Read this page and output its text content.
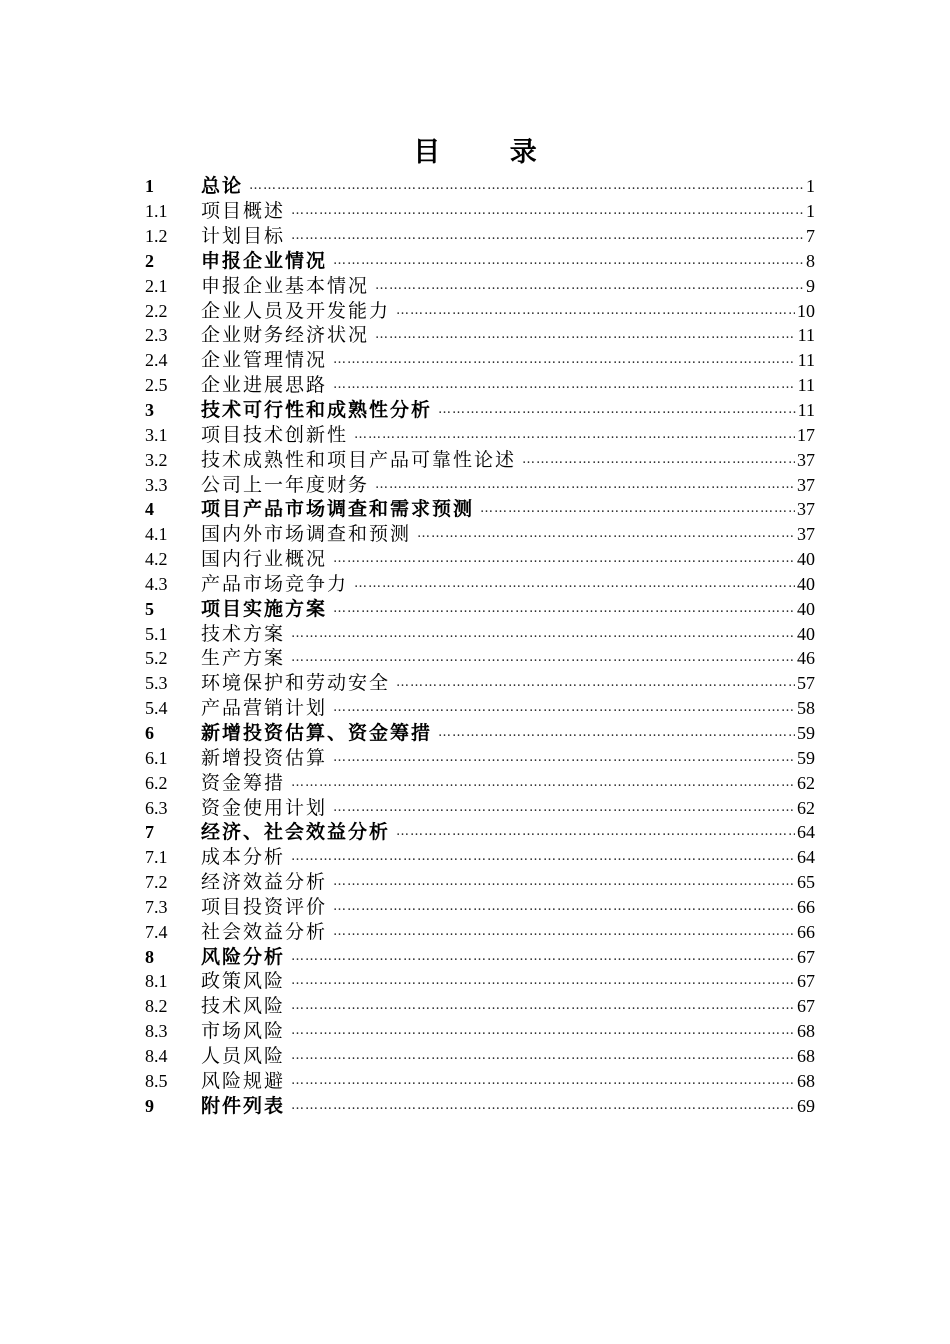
目 录
1	总论 ………………………………………………………………………………………………………………………………………………	1
1.1	项目概述 ………………………………………………………………………………………………………………………………………………	1
1.2	计划目标 ………………………………………………………………………………………………………………………………………………	7
2	申报企业情况 ………………………………………………………………………………………………………………………………………………	8
2.1	申报企业基本情况 ………………………………………………………………………………………………………………………………………………	9
2.2	企业人员及开发能力 ………………………………………………………………………………………………………………………………………………	10
2.3	企业财务经济状况 ………………………………………………………………………………………………………………………………………………	11
2.4	企业管理情况 ………………………………………………………………………………………………………………………………………………	11
2.5	企业进展思路 ………………………………………………………………………………………………………………………………………………	11
3	技术可行性和成熟性分析 ………………………………………………………………………………………………………………………………………………	11
3.1	项目技术创新性 ………………………………………………………………………………………………………………………………………………	17
3.2	技术成熟性和项目产品可靠性论述 ………………………………………………………………………………………………………………………………………………	37
3.3	公司上一年度财务 ………………………………………………………………………………………………………………………………………………	37
4	项目产品市场调查和需求预测 ………………………………………………………………………………………………………………………………………………	37
4.1	国内外市场调查和预测 ………………………………………………………………………………………………………………………………………………	37
4.2	国内行业概况 ………………………………………………………………………………………………………………………………………………	40
4.3	产品市场竞争力 ………………………………………………………………………………………………………………………………………………	40
5	项目实施方案 ………………………………………………………………………………………………………………………………………………	40
5.1	技术方案 ………………………………………………………………………………………………………………………………………………	40
5.2	生产方案 ………………………………………………………………………………………………………………………………………………	46
5.3	环境保护和劳动安全 ………………………………………………………………………………………………………………………………………………	57
5.4	产品营销计划 ………………………………………………………………………………………………………………………………………………	58
6	新增投资估算、资金筹措 ………………………………………………………………………………………………………………………………………………	59
6.1	新增投资估算 ………………………………………………………………………………………………………………………………………………	59
6.2	资金筹措 ………………………………………………………………………………………………………………………………………………	62
6.3	资金使用计划 ………………………………………………………………………………………………………………………………………………	62
7	经济、社会效益分析 ………………………………………………………………………………………………………………………………………………	64
7.1	成本分析 ………………………………………………………………………………………………………………………………………………	64
7.2	经济效益分析 ………………………………………………………………………………………………………………………………………………	65
7.3	项目投资评价 ………………………………………………………………………………………………………………………………………………	66
7.4	社会效益分析 ………………………………………………………………………………………………………………………………………………	66
8	风险分析 ………………………………………………………………………………………………………………………………………………	67
8.1	政策风险 ………………………………………………………………………………………………………………………………………………	67
8.2	技术风险 ………………………………………………………………………………………………………………………………………………	67
8.3	市场风险 ………………………………………………………………………………………………………………………………………………	68
8.4	人员风险 ………………………………………………………………………………………………………………………………………………	68
8.5	风险规避 ………………………………………………………………………………………………………………………………………………	68
9	附件列表 ………………………………………………………………………………………………………………………………………………	69
